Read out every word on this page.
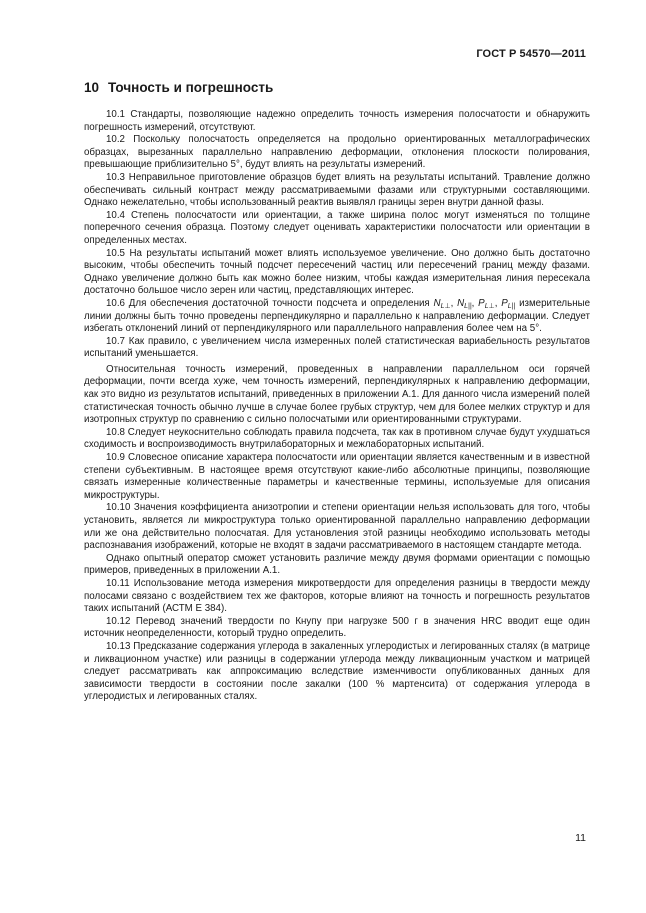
ГОСТ Р 54570—2011
10 Точность и погрешность

10.1 Стандарты, позволяющие надежно определить точность измерения полосчатости и обнаружить погрешность измерений, отсутствуют.

10.2 Поскольку полосчатость определяется на продольно ориентированных металлографических образцах, вырезанных параллельно направлению деформации, отклонения плоскости полирования, превышающие приблизительно 5°, будут влиять на результаты измерений.

10.3 Неправильное приготовление образцов будет влиять на результаты испытаний. Травление должно обеспечивать сильный контраст между рассматриваемыми фазами или структурными составляющими. Однако нежелательно, чтобы использованный реактив выявлял границы зерен внутри данной фазы.

10.4 Степень полосчатости или ориентации, а также ширина полос могут изменяться по толщине поперечного сечения образца. Поэтому следует оценивать характеристики полосчатости или ориентации в определенных местах.

10.5 На результаты испытаний может влиять используемое увеличение. Оно должно быть достаточно высоким, чтобы обеспечить точный подсчет пересечений частиц или пересечений границ между фазами. Однако увеличение должно быть как можно более низким, чтобы каждая измерительная линия пересекала достаточно большое число зерен или частиц, представляющих интерес.

10.6 Для обеспечения достаточной точности подсчета и определения $N_{L\perp}$, $N_{L||}$, $P_{L\perp}$, $P_{L||}$ измерительные линии должны быть точно проведены перпендикулярно и параллельно к направлению деформации. Следует избегать отклонений линий от перпендикулярного или параллельного направления более чем на 5°.

10.7 Как правило, с увеличением числа измеренных полей статистическая вариабельность результатов испытаний уменьшается.

Относительная точность измерений, проведенных в направлении параллельном оси горячей деформации, почти всегда хуже, чем точность измерений, перпендикулярных к направлению деформации, как это видно из результатов испытаний, приведенных в приложении А.1. Для данного числа измерений полей статистическая точность обычно лучше в случае более грубых структур, чем для более мелких структур и для изотропных структур по сравнению с сильно полосчатыми или ориентированными структурами.

10.8 Следует неукоснительно соблюдать правила подсчета, так как в противном случае будут ухудшаться сходимость и воспроизводимость внутрилабораторных и межлабораторных испытаний.

10.9 Словесное описание характера полосчатости или ориентации является качественным и в известной степени субъективным. В настоящее время отсутствуют какие-либо абсолютные принципы, позволяющие связать измеренные количественные параметры и качественные термины, используемые для описания микроструктуры.

10.10 Значения коэффициента анизотропии и степени ориентации нельзя использовать для того, чтобы установить, является ли микроструктура только ориентированной параллельно направлению деформации или же она действительно полосчатая. Для установления этой разницы необходимо использовать методы распознавания изображений, которые не входят в задачи рассматриваемого в настоящем стандарте метода.

Однако опытный оператор сможет установить различие между двумя формами ориентации с помощью примеров, приведенных в приложении А.1.

10.11 Использование метода измерения микротвердости для определения разницы в твердости между полосами связано с воздействием тех же факторов, которые влияют на точность и погрешность результатов таких испытаний (АСТМ Е 384).

10.12 Перевод значений твердости по Кнупу при нагрузке 500 г в значения HRC вводит еще один источник неопределенности, который трудно определить.

10.13 Предсказание содержания углерода в закаленных углеродистых и легированных сталях (в матрице и ликвационном участке) или разницы в содержании углерода между ликвационным участком и матрицей следует рассматривать как аппроксимацию вследствие изменчивости опубликованных данных для зависимости твердости в состоянии после закалки (100 % мартенсита) от содержания углерода в углеродистых и легированных сталях.

11
